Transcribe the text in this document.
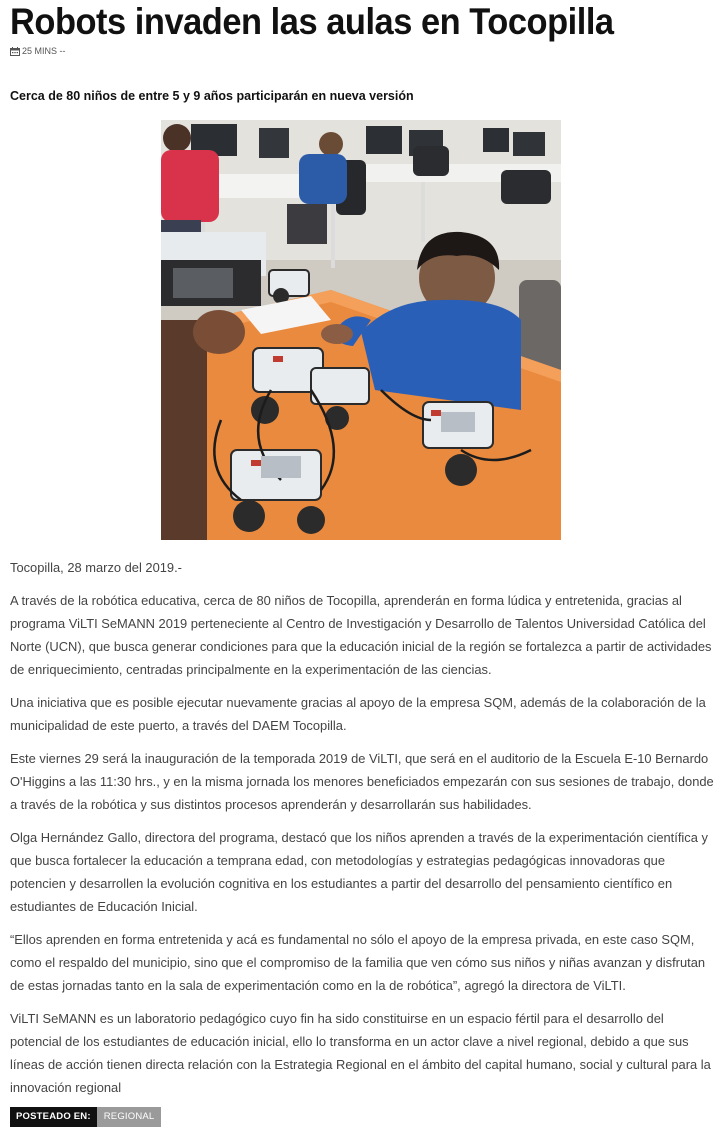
Robots invaden las aulas en Tocopilla
25 MINS --

Cerca de 80 niños de entre 5 y 9 años participarán en nueva versión

Tocopilla, 28 marzo del 2019.-

A través de la robótica educativa, cerca de 80 niños de Tocopilla, aprenderán en forma lúdica y entretenida, gracias al programa ViLTI SeMANN 2019 perteneciente al Centro de Investigación y Desarrollo de Talentos Universidad Católica del Norte (UCN), que busca generar condiciones para que la educación inicial de la región se fortalezca a partir de actividades de enriquecimiento, centradas principalmente en la experimentación de las ciencias.

Una iniciativa que es posible ejecutar nuevamente gracias al apoyo de la empresa SQM, además de la colaboración de la municipalidad de este puerto, a través del DAEM Tocopilla.

Este viernes 29 será la inauguración de la temporada 2019 de ViLTI, que será en el auditorio de la Escuela E-10 Bernardo O'Higgins a las 11:30 hrs., y en la misma jornada los menores beneficiados empezarán con sus sesiones de trabajo, donde a través de la robótica y sus distintos procesos aprenderán y desarrollarán sus habilidades.

Olga Hernández Gallo, directora del programa, destacó que los niños aprenden a través de la experimentación científica y que busca fortalecer la educación a temprana edad, con metodologías y estrategias pedagógicas innovadoras que potencien y desarrollen la evolución cognitiva en los estudiantes a partir del desarrollo del pensamiento científico en estudiantes de Educación Inicial.

“Ellos aprenden en forma entretenida y acá es fundamental no sólo el apoyo de la empresa privada, en este caso SQM, como el respaldo del municipio, sino que el compromiso de la familia que ven cómo sus niños y niñas avanzan y disfrutan de estas jornadas tanto en la sala de experimentación como en la de robótica”, agregó la directora de ViLTI.

ViLTI SeMANN es un laboratorio pedagógico cuyo fin ha sido constituirse en un espacio fértil para el desarrollo del potencial de los estudiantes de educación inicial, ello lo transforma en un actor clave a nivel regional, debido a que sus líneas de acción tienen directa relación con la Estrategia Regional en el ámbito del capital humano, social y cultural para la innovación regional

POSTEADO EN:	REGIONAL
